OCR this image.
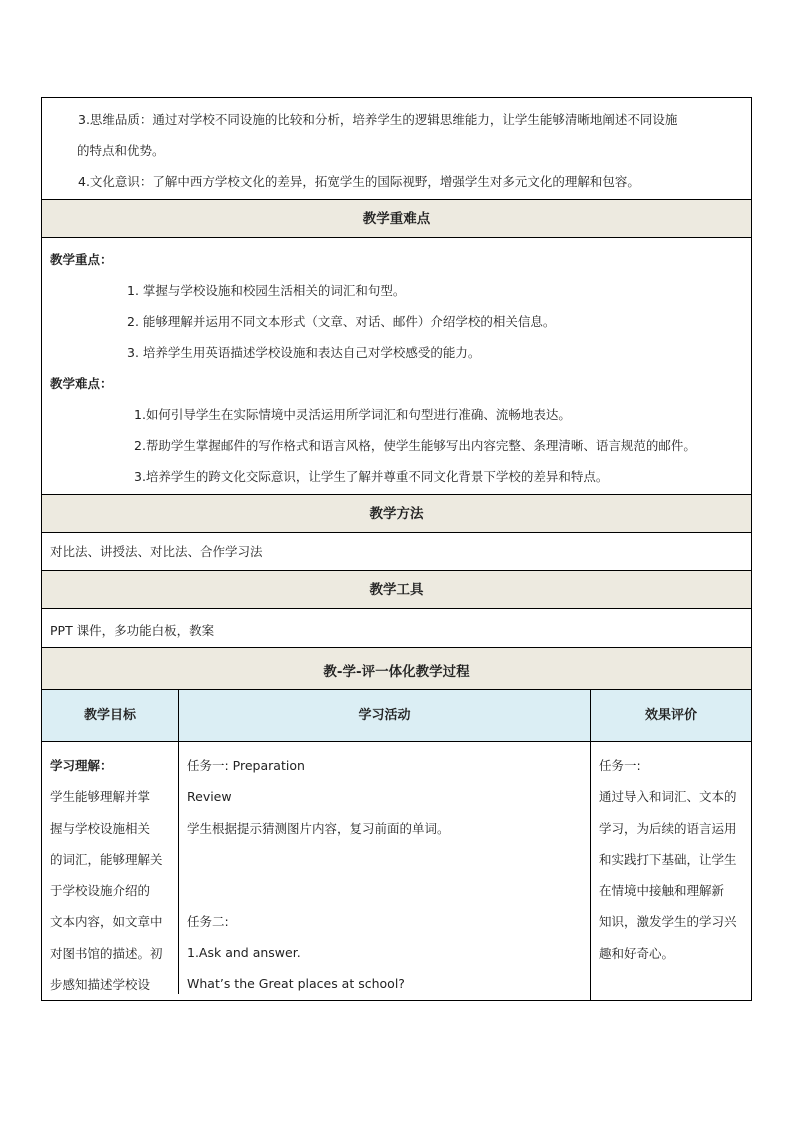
3.思维品质：通过对学校不同设施的比较和分析，培养学生的逻辑思维能力，让学生能够清晰地阐述不同设施
的特点和优势。
4.文化意识：了解中西方学校文化的差异，拓宽学生的国际视野，增强学生对多元文化的理解和包容。
教学重难点
教学重点：
1. 掌握与学校设施和校园生活相关的词汇和句型。
2. 能够理解并运用不同文本形式（文章、对话、邮件）介绍学校的相关信息。
3. 培养学生用英语描述学校设施和表达自己对学校感受的能力。
教学难点：
1.如何引导学生在实际情境中灵活运用所学词汇和句型进行准确、流畅地表达。
2.帮助学生掌握邮件的写作格式和语言风格，使学生能够写出内容完整、条理清晰、语言规范的邮件。
3.培养学生的跨文化交际意识，让学生了解并尊重不同文化背景下学校的差异和特点。
教学方法
对比法、讲授法、对比法、合作学习法
教学工具
PPT 课件，多功能白板，教案
教-学-评一体化教学过程
教学目标	学习活动	效果评价
学习理解：
学生能够理解并掌
握与学校设施相关
的词汇，能够理解关
于学校设施介绍的
文本内容，如文章中
对图书馆的描述。初
步感知描述学校设
任务一: Preparation
Review
学生根据提示猜测图片内容，复习前面的单词。
任务二:
1.Ask and answer.
What’s the Great places at school?
任务一:
通过导入和词汇、文本的
学习，为后续的语言运用
和实践打下基础，让学生
在情境中接触和理解新
知识，激发学生的学习兴
趣和好奇心。
